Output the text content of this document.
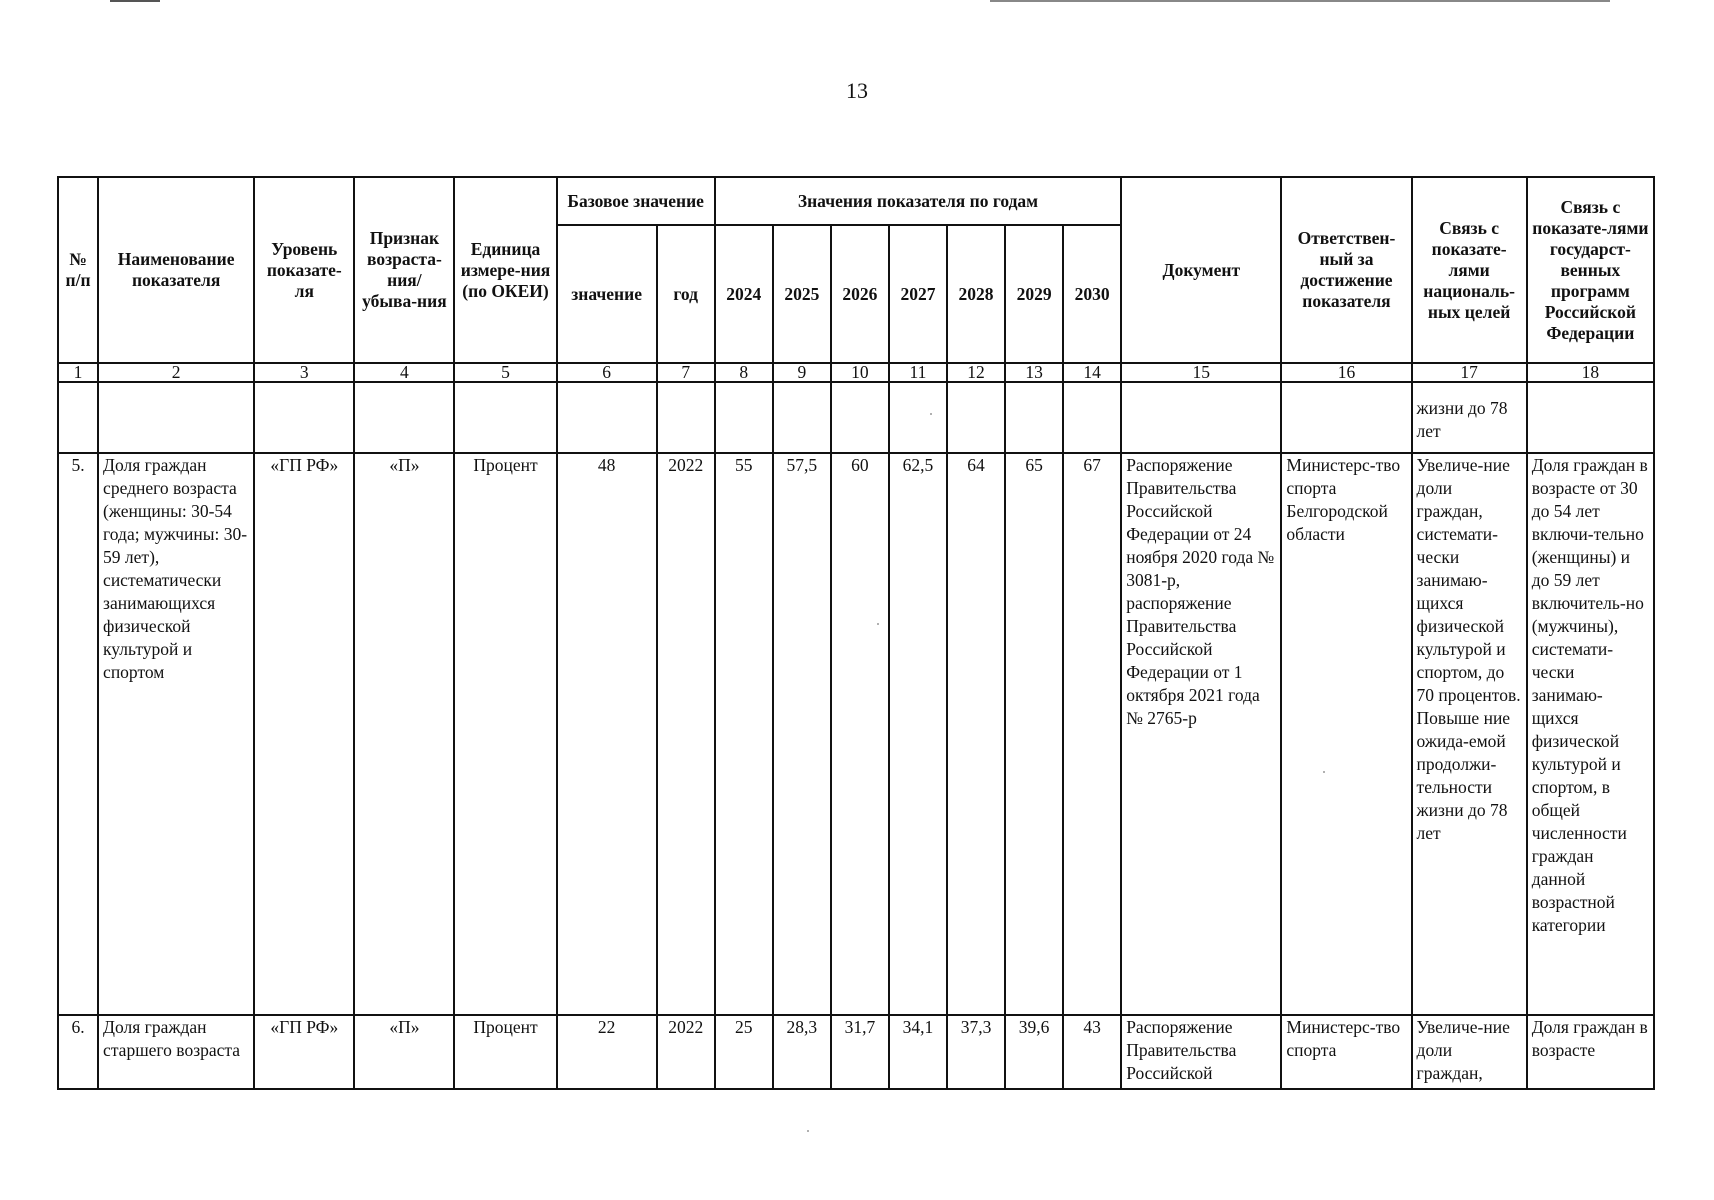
13
№ п/п	Наименование показателя	Уровень показате-ля	Признак возраста-ния/ убыва-ния	Единица измере-ния (по ОКЕИ)	Базовое значение		Значения показателя по годам							Документ	Ответствен-ный за достижение показателя	Связь с показате-лями националь-ных целей	Связь с показате-лями государст-венных программ Российской Федерации
					значение	год	2024	2025	2026	2027	2028	2029	2030				
1	2	3	4	5	6	7	8	9	10	11	12	13	14	15	16	17	18
																жизни до 78 лет	
5.	Доля граждан среднего возраста (женщины: 30-54 года; мужчины: 30-59 лет), систематически занимающихся физической культурой и спортом	«ГП РФ»	«П»	Процент	48	2022	55	57,5	60	62,5	64	65	67	Распоряжение Правительства Российской Федерации от 24 ноября 2020 года № 3081-р, распоряжение Правительства Российской Федерации от 1 октября 2021 года № 2765-р	Министерс-тво спорта Белгородской области	Увеличе-ние доли граждан, системати-чески занимаю-щихся физической культурой и спортом, до 70 процентов. Повыше ние ожида-емой продолжи-тельности жизни до 78 лет	Доля граждан в возрасте от 30 до 54 лет включи-тельно (женщины) и до 59 лет включитель-но (мужчины), системати-чески занимаю-щихся физической культурой и спортом, в общей численности граждан данной возрастной категории
6.	Доля граждан старшего возраста	«ГП РФ»	«П»	Процент	22	2022	25	28,3	31,7	34,1	37,3	39,6	43	Распоряжение Правительства Российской	Министерс-тво спорта	Увеличе-ние доли граждан,	Доля граждан в возрасте
